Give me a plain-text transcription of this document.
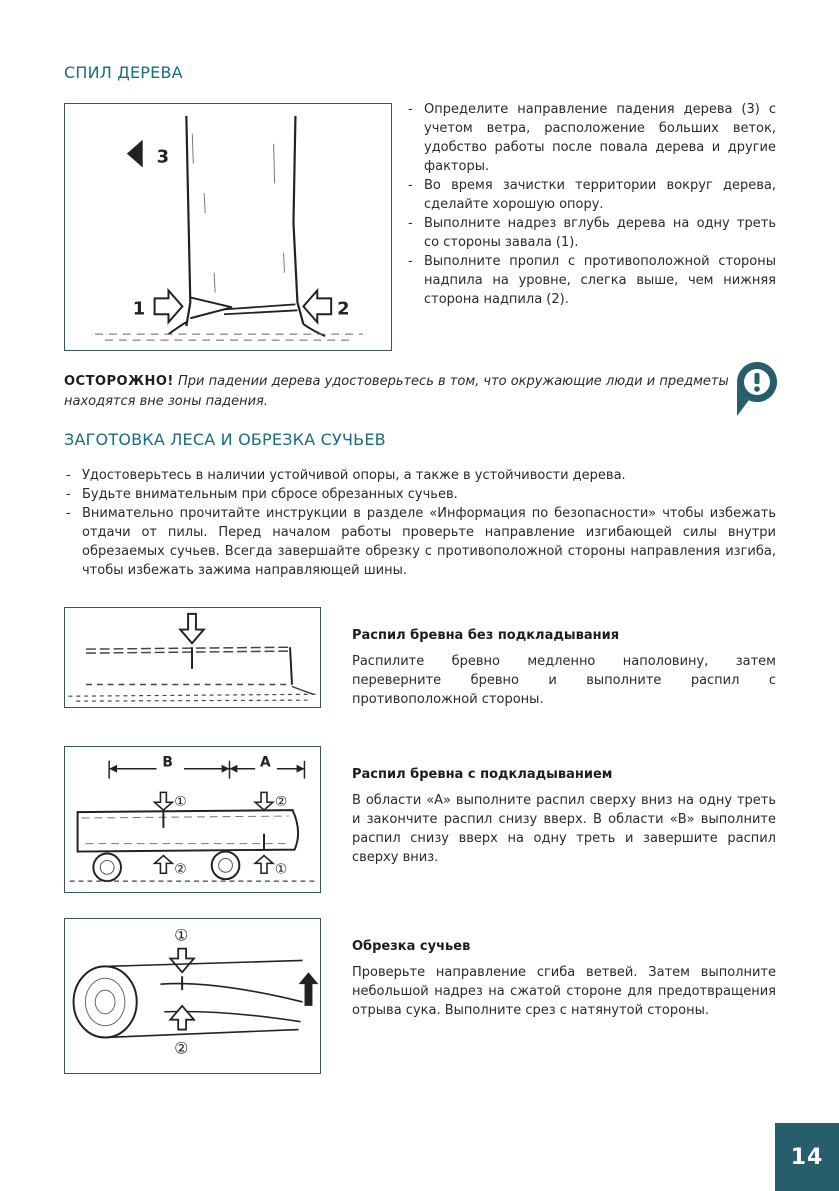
СПИЛ ДЕРЕВА
3
1	2
- Определите направление падения дерева (3) с учетом ветра, расположение больших веток, удобство работы после повала дерева и другие факторы.
- Во время зачистки территории вокруг дерева, сделайте хорошую опору.
- Выполните надрез вглубь дерева на одну треть со стороны завала (1).
- Выполните пропил с противоположной стороны надпила на уровне, слегка выше, чем нижняя сторона надпила (2).

ОСТОРОЖНО! При падении дерева удостоверьтесь в том, что окружающие люди и предметы находятся вне зоны падения.

ЗАГОТОВКА ЛЕСА И ОБРЕЗКА СУЧЬЕВ
- Удостоверьтесь в наличии устойчивой опоры, а также в устойчивости дерева.
- Будьте внимательным при сбросе обрезанных сучьев.
- Внимательно прочитайте инструкции в разделе «Информация по безопасности» чтобы избежать отдачи от пилы. Перед началом работы проверьте направление изгибающей силы внутри обрезаемых сучьев. Всегда завершайте обрезку с противоположной стороны направления изгиба, чтобы избежать зажима направляющей шины.
Распил бревна без подкладывания
Распилите бревно медленно наполовину, затем переверните бревно и выполните распил с противоположной стороны.
B	A
①	②
②	①
Распил бревна с подкладыванием
В области «А» выполните распил сверху вниз на одну треть и закончите распил снизу вверх. В области «В» выполните распил снизу вверх на одну треть и завершите распил сверху вниз.
①
②
Обрезка сучьев
Проверьте направление сгиба ветвей. Затем выполните небольшой надрез на сжатой стороне для предотвращения отрыва сука. Выполните срез с натянутой стороны.
14
